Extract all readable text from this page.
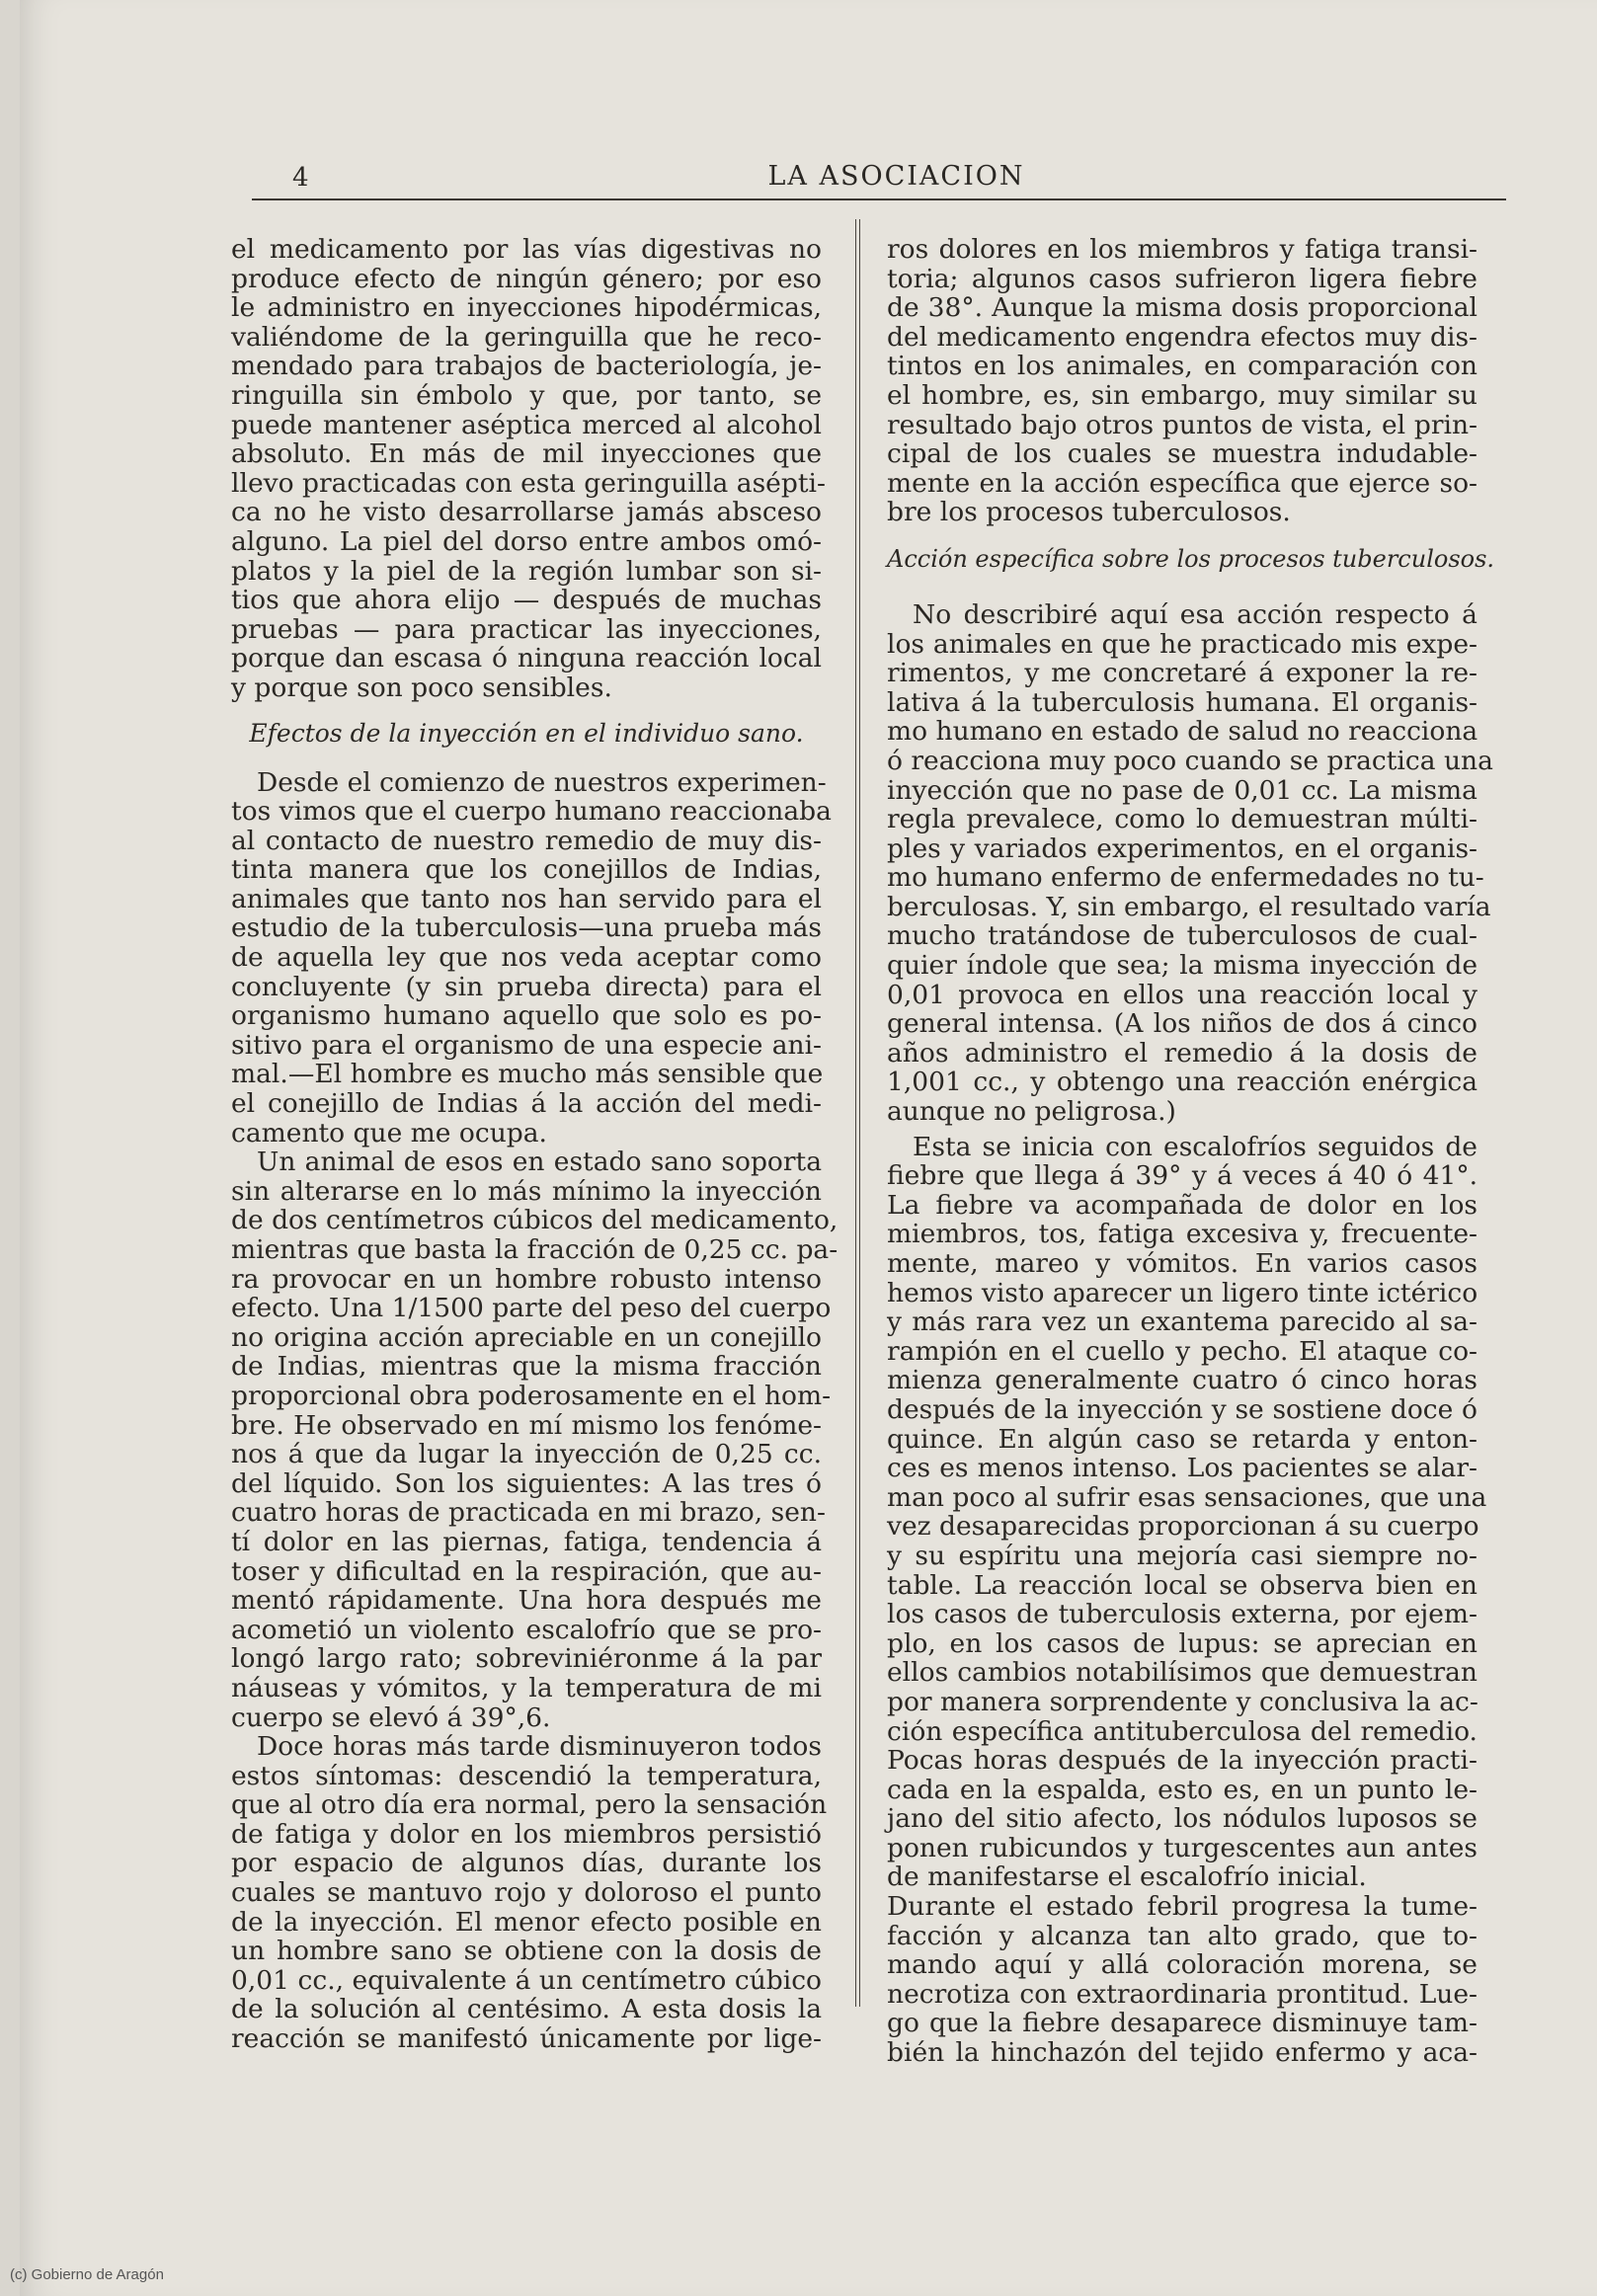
4	LA ASOCIACION
el medicamento por las vías digestivas no
produce efecto de ningún género; por eso
le administro en inyecciones hipodérmicas,
valiéndome de la geringuilla que he reco-
mendado para trabajos de bacteriología, je-
ringuilla sin émbolo y que, por tanto, se
puede mantener aséptica merced al alcohol
absoluto. En más de mil inyecciones que
llevo practicadas con esta geringuilla asépti-
ca no he visto desarrollarse jamás absceso
alguno. La piel del dorso entre ambos omó-
platos y la piel de la región lumbar son si-
tios que ahora elijo — después de muchas
pruebas — para practicar las inyecciones,
porque dan escasa ó ninguna reacción local
y porque son poco sensibles.
Efectos de la inyección en el individuo sano.
Desde el comienzo de nuestros experimen-
tos vimos que el cuerpo humano reaccionaba
al contacto de nuestro remedio de muy dis-
tinta manera que los conejillos de Indias,
animales que tanto nos han servido para el
estudio de la tuberculosis—una prueba más
de aquella ley que nos veda aceptar como
concluyente (y sin prueba directa) para el
organismo humano aquello que solo es po-
sitivo para el organismo de una especie ani-
mal.—El hombre es mucho más sensible que
el conejillo de Indias á la acción del medi-
camento que me ocupa.
Un animal de esos en estado sano soporta
sin alterarse en lo más mínimo la inyección
de dos centímetros cúbicos del medicamento,
mientras que basta la fracción de 0,25 cc. pa-
ra provocar en un hombre robusto intenso
efecto. Una 1/1500 parte del peso del cuerpo
no origina acción apreciable en un conejillo
de Indias, mientras que la misma fracción
proporcional obra poderosamente en el hom-
bre. He observado en mí mismo los fenóme-
nos á que da lugar la inyección de 0,25 cc.
del líquido. Son los siguientes: A las tres ó
cuatro horas de practicada en mi brazo, sen-
tí dolor en las piernas, fatiga, tendencia á
toser y dificultad en la respiración, que au-
mentó rápidamente. Una hora después me
acometió un violento escalofrío que se pro-
longó largo rato; sobreviniéronme á la par
náuseas y vómitos, y la temperatura de mi
cuerpo se elevó á 39°,6.
Doce horas más tarde disminuyeron todos
estos síntomas: descendió la temperatura,
que al otro día era normal, pero la sensación
de fatiga y dolor en los miembros persistió
por espacio de algunos días, durante los
cuales se mantuvo rojo y doloroso el punto
de la inyección. El menor efecto posible en
un hombre sano se obtiene con la dosis de
0,01 cc., equivalente á un centímetro cúbico
de la solución al centésimo. A esta dosis la
reacción se manifestó únicamente por lige-
ros dolores en los miembros y fatiga transi-
toria; algunos casos sufrieron ligera fiebre
de 38°. Aunque la misma dosis proporcional
del medicamento engendra efectos muy dis-
tintos en los animales, en comparación con
el hombre, es, sin embargo, muy similar su
resultado bajo otros puntos de vista, el prin-
cipal de los cuales se muestra indudable-
mente en la acción específica que ejerce so-
bre los procesos tuberculosos.
Acción específica sobre los procesos tuberculosos.
No describiré aquí esa acción respecto á
los animales en que he practicado mis expe-
rimentos, y me concretaré á exponer la re-
lativa á la tuberculosis humana. El organis-
mo humano en estado de salud no reacciona
ó reacciona muy poco cuando se practica una
inyección que no pase de 0,01 cc. La misma
regla prevalece, como lo demuestran múlti-
ples y variados experimentos, en el organis-
mo humano enfermo de enfermedades no tu-
berculosas. Y, sin embargo, el resultado varía
mucho tratándose de tuberculosos de cual-
quier índole que sea; la misma inyección de
0,01 provoca en ellos una reacción local y
general intensa. (A los niños de dos á cinco
años administro el remedio á la dosis de
1,001 cc., y obtengo una reacción enérgica
aunque no peligrosa.)
Esta se inicia con escalofríos seguidos de
fiebre que llega á 39° y á veces á 40 ó 41°.
La fiebre va acompañada de dolor en los
miembros, tos, fatiga excesiva y, frecuente-
mente, mareo y vómitos. En varios casos
hemos visto aparecer un ligero tinte ictérico
y más rara vez un exantema parecido al sa-
rampión en el cuello y pecho. El ataque co-
mienza generalmente cuatro ó cinco horas
después de la inyección y se sostiene doce ó
quince. En algún caso se retarda y enton-
ces es menos intenso. Los pacientes se alar-
man poco al sufrir esas sensaciones, que una
vez desaparecidas proporcionan á su cuerpo
y su espíritu una mejoría casi siempre no-
table. La reacción local se observa bien en
los casos de tuberculosis externa, por ejem-
plo, en los casos de lupus: se aprecian en
ellos cambios notabilísimos que demuestran
por manera sorprendente y conclusiva la ac-
ción específica antituberculosa del remedio.
Pocas horas después de la inyección practi-
cada en la espalda, esto es, en un punto le-
jano del sitio afecto, los nódulos luposos se
ponen rubicundos y turgescentes aun antes
de manifestarse el escalofrío inicial.
Durante el estado febril progresa la tume-
facción y alcanza tan alto grado, que to-
mando aquí y allá coloración morena, se
necrotiza con extraordinaria prontitud. Lue-
go que la fiebre desaparece disminuye tam-
bién la hinchazón del tejido enfermo y aca-
(c) Gobierno de Aragón
